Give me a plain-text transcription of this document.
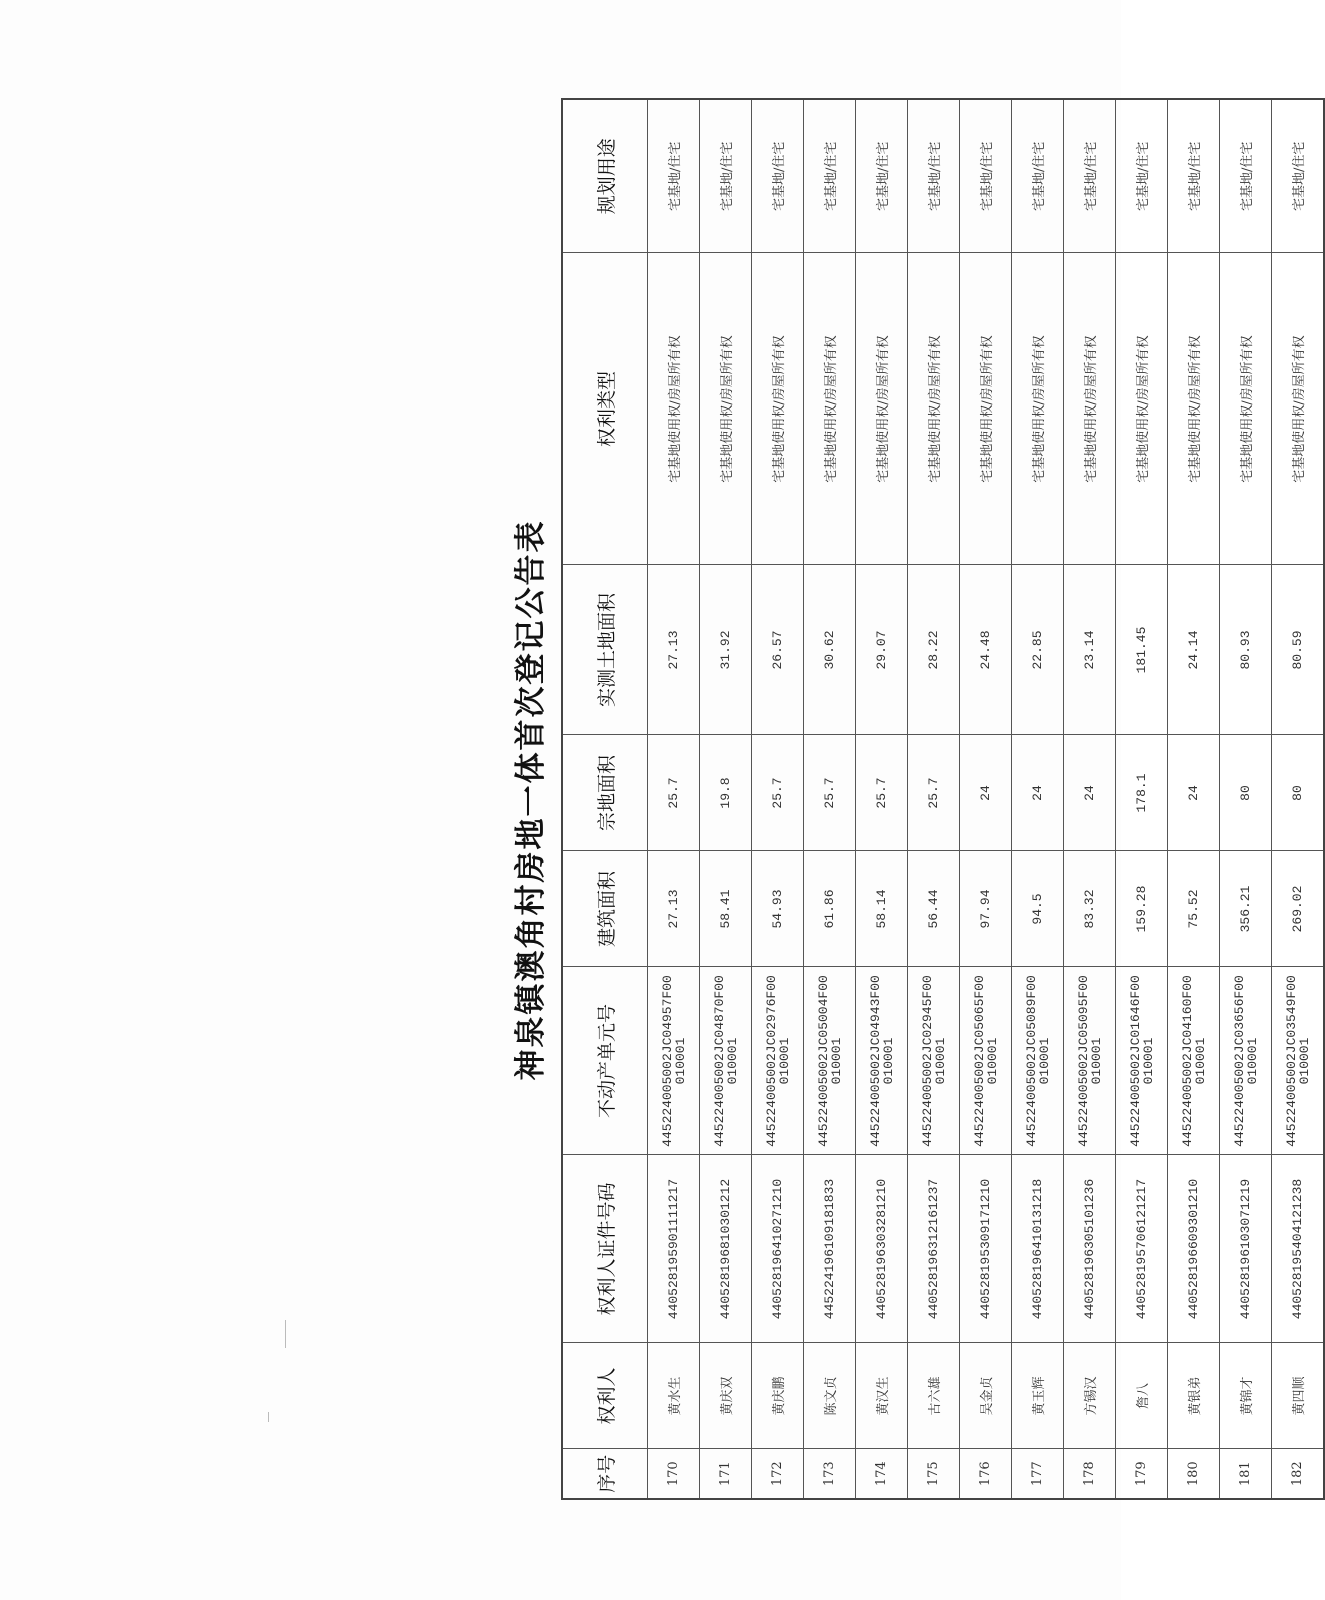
神泉镇澳角村房地一体首次登记公告表
序号	权利人	权利人证件号码	不动产单元号	建筑面积	宗地面积	实测土地面积	权利类型	规划用途
170	黄水生	440528195901111217	445224005002JC04957F00010001	27.13	25.7	27.13	宅基地使用权/房屋所有权	宅基地/住宅
171	黄庆双	440528196810301212	445224005002JC04870F00010001	58.41	19.8	31.92	宅基地使用权/房屋所有权	宅基地/住宅
172	黄庆鹏	440528196410271210	445224005002JC02976F00010001	54.93	25.7	26.57	宅基地使用权/房屋所有权	宅基地/住宅
173	陈文贞	445224196109181833	445224005002JC05004F00010001	61.86	25.7	30.62	宅基地使用权/房屋所有权	宅基地/住宅
174	黄汉生	440528196303281210	445224005002JC04943F00010001	58.14	25.7	29.07	宅基地使用权/房屋所有权	宅基地/住宅
175	古六雄	440528196312161237	445224005002JC02945F00010001	56.44	25.7	28.22	宅基地使用权/房屋所有权	宅基地/住宅
176	吴金贞	440528195309171210	445224005002JC05065F00010001	97.94	24	24.48	宅基地使用权/房屋所有权	宅基地/住宅
177	黄玉辉	440528196410131218	445224005002JC05089F00010001	94.5	24	22.85	宅基地使用权/房屋所有权	宅基地/住宅
178	方锡汉	440528196305101236	445224005002JC05095F00010001	83.32	24	23.14	宅基地使用权/房屋所有权	宅基地/住宅
179	詹八	440528195706121217	445224005002JC01646F00010001	159.28	178.1	181.45	宅基地使用权/房屋所有权	宅基地/住宅
180	黄银弟	440528196609301210	445224005002JC04160F00010001	75.52	24	24.14	宅基地使用权/房屋所有权	宅基地/住宅
181	黄锦才	440528196103071219	445224005002JC03656F00010001	356.21	80	80.93	宅基地使用权/房屋所有权	宅基地/住宅
182	黄四顺	440528195404121238	445224005002JC03549F00010001	269.02	80	80.59	宅基地使用权/房屋所有权	宅基地/住宅
